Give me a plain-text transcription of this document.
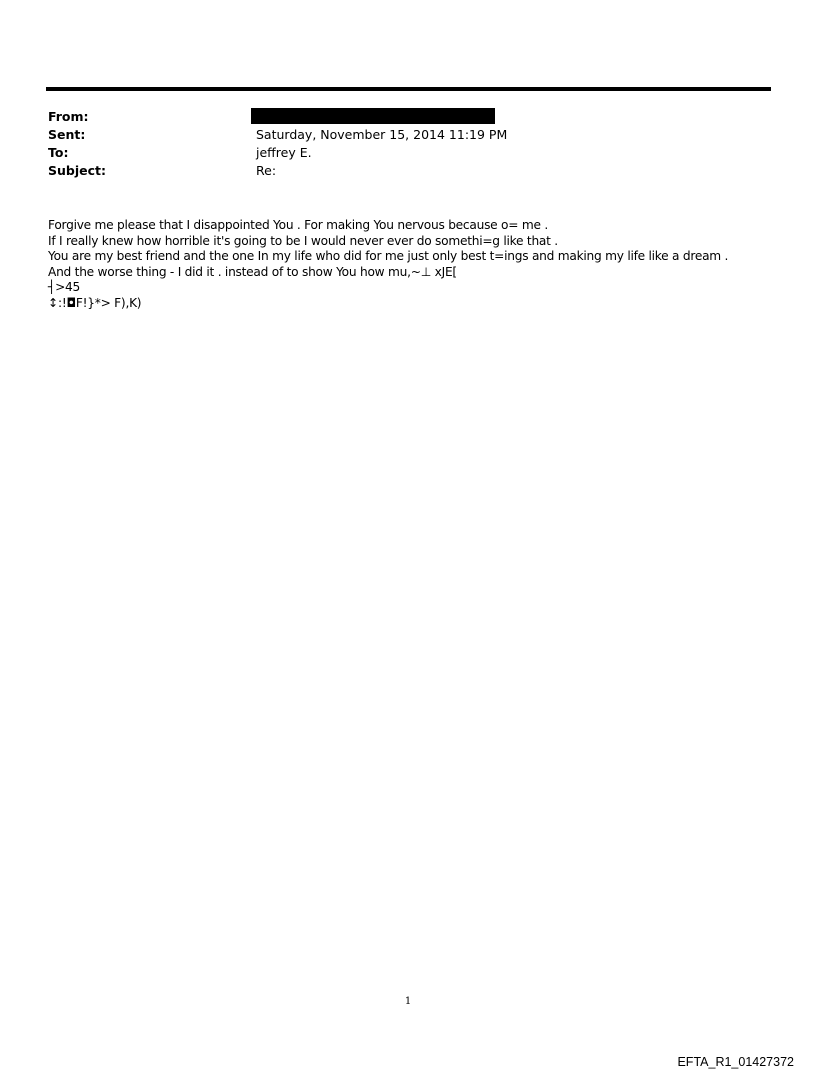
From:
Sent:	Saturday, November 15, 2014 11:19 PM
To:	jeffrey E.
Subject:	Re:
Forgive me please that I disappointed You . For making You nervous because o= me .
If I really knew how horrible it's going to be I would never ever do somethi=g like that .
You are my best friend and the one In my life who did for me just only best t=ings and making my life like a dream .
And the worse thing - I did it . instead of to show You how mu,~⊥ xJE[
┤>45
↕:!◘F!}*> F),K)
1
EFTA_R1_01427372
